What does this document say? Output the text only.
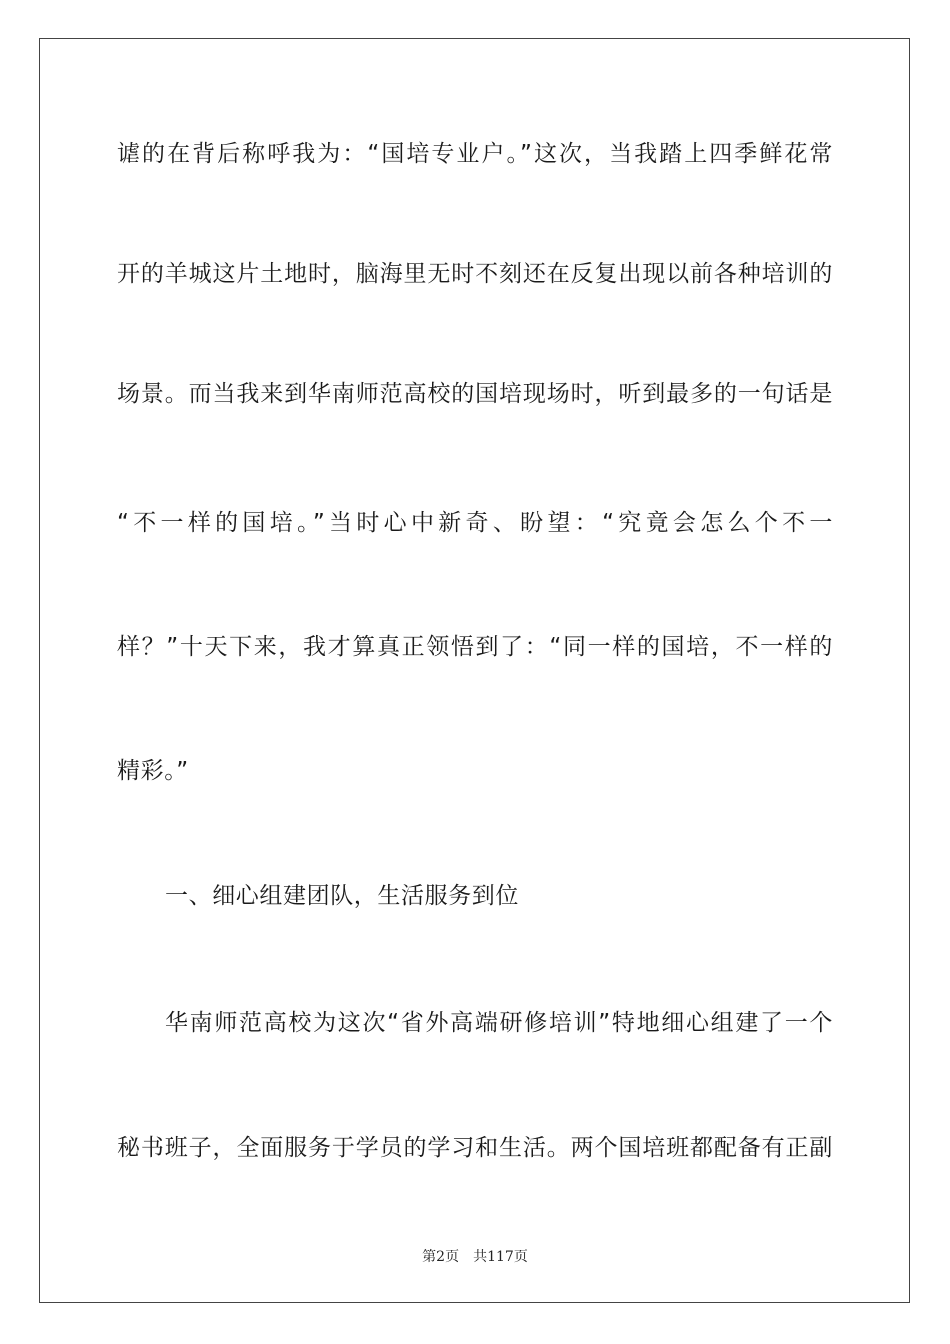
谑的在背后称呼我为：“国培专业户。”这次，当我踏上四季鲜花常
开的羊城这片土地时，脑海里无时不刻还在反复出现以前各种培训的
场景。而当我来到华南师范高校的国培现场时，听到最多的一句话是
“不一样的国培。”当时心中新奇、盼望：“究竟会怎么个不一
样？”十天下来，我才算真正领悟到了：“同一样的国培，不一样的
精彩。”
一、细心组建团队，生活服务到位
华南师范高校为这次“省外高端研修培训”特地细心组建了一个
秘书班子，全面服务于学员的学习和生活。两个国培班都配备有正副
第2页 共117页
